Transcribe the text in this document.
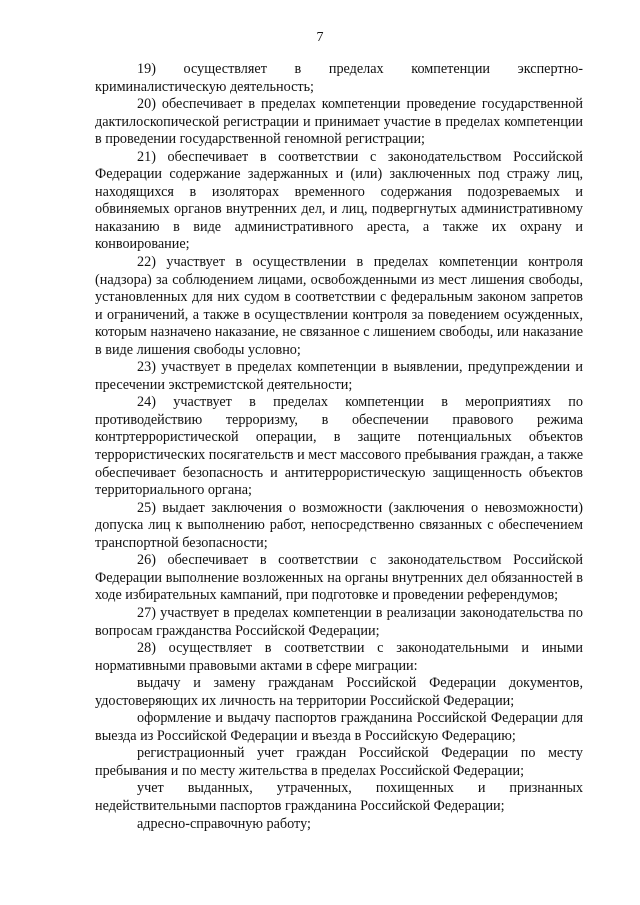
7

19) осуществляет в пределах компетенции экспертно-криминалистическую деятельность;

20) обеспечивает в пределах компетенции проведение государственной дактилоскопической регистрации и принимает участие в пределах компетенции в проведении государственной геномной регистрации;

21) обеспечивает в соответствии с законодательством Российской Федерации содержание задержанных и (или) заключенных под стражу лиц, находящихся в изоляторах временного содержания подозреваемых и обвиняемых органов внутренних дел, и лиц, подвергнутых административному наказанию в виде административного ареста, а также их охрану и конвоирование;

22) участвует в осуществлении в пределах компетенции контроля (надзора) за соблюдением лицами, освобожденными из мест лишения свободы, установленных для них судом в соответствии с федеральным законом запретов и ограничений, а также в осуществлении контроля за поведением осужденных, которым назначено наказание, не связанное с лишением свободы, или наказание в виде лишения свободы условно;

23) участвует в пределах компетенции в выявлении, предупреждении и пресечении экстремистской деятельности;

24) участвует в пределах компетенции в мероприятиях по противодействию терроризму, в обеспечении правового режима контртеррористической операции, в защите потенциальных объектов террористических посягательств и мест массового пребывания граждан, а также обеспечивает безопасность и антитеррористическую защищенность объектов территориального органа;

25) выдает заключения о возможности (заключения о невозможности) допуска лиц к выполнению работ, непосредственно связанных с обеспечением транспортной безопасности;

26) обеспечивает в соответствии с законодательством Российской Федерации выполнение возложенных на органы внутренних дел обязанностей в ходе избирательных кампаний, при подготовке и проведении референдумов;

27) участвует в пределах компетенции в реализации законодательства по вопросам гражданства Российской Федерации;

28) осуществляет в соответствии с законодательными и иными нормативными правовыми актами в сфере миграции:

выдачу и замену гражданам Российской Федерации документов, удостоверяющих их личность на территории Российской Федерации;

оформление и выдачу паспортов гражданина Российской Федерации для выезда из Российской Федерации и въезда в Российскую Федерацию;

регистрационный учет граждан Российской Федерации по месту пребывания и по месту жительства в пределах Российской Федерации;

учет выданных, утраченных, похищенных и признанных недействительными паспортов гражданина Российской Федерации;

адресно-справочную работу;
